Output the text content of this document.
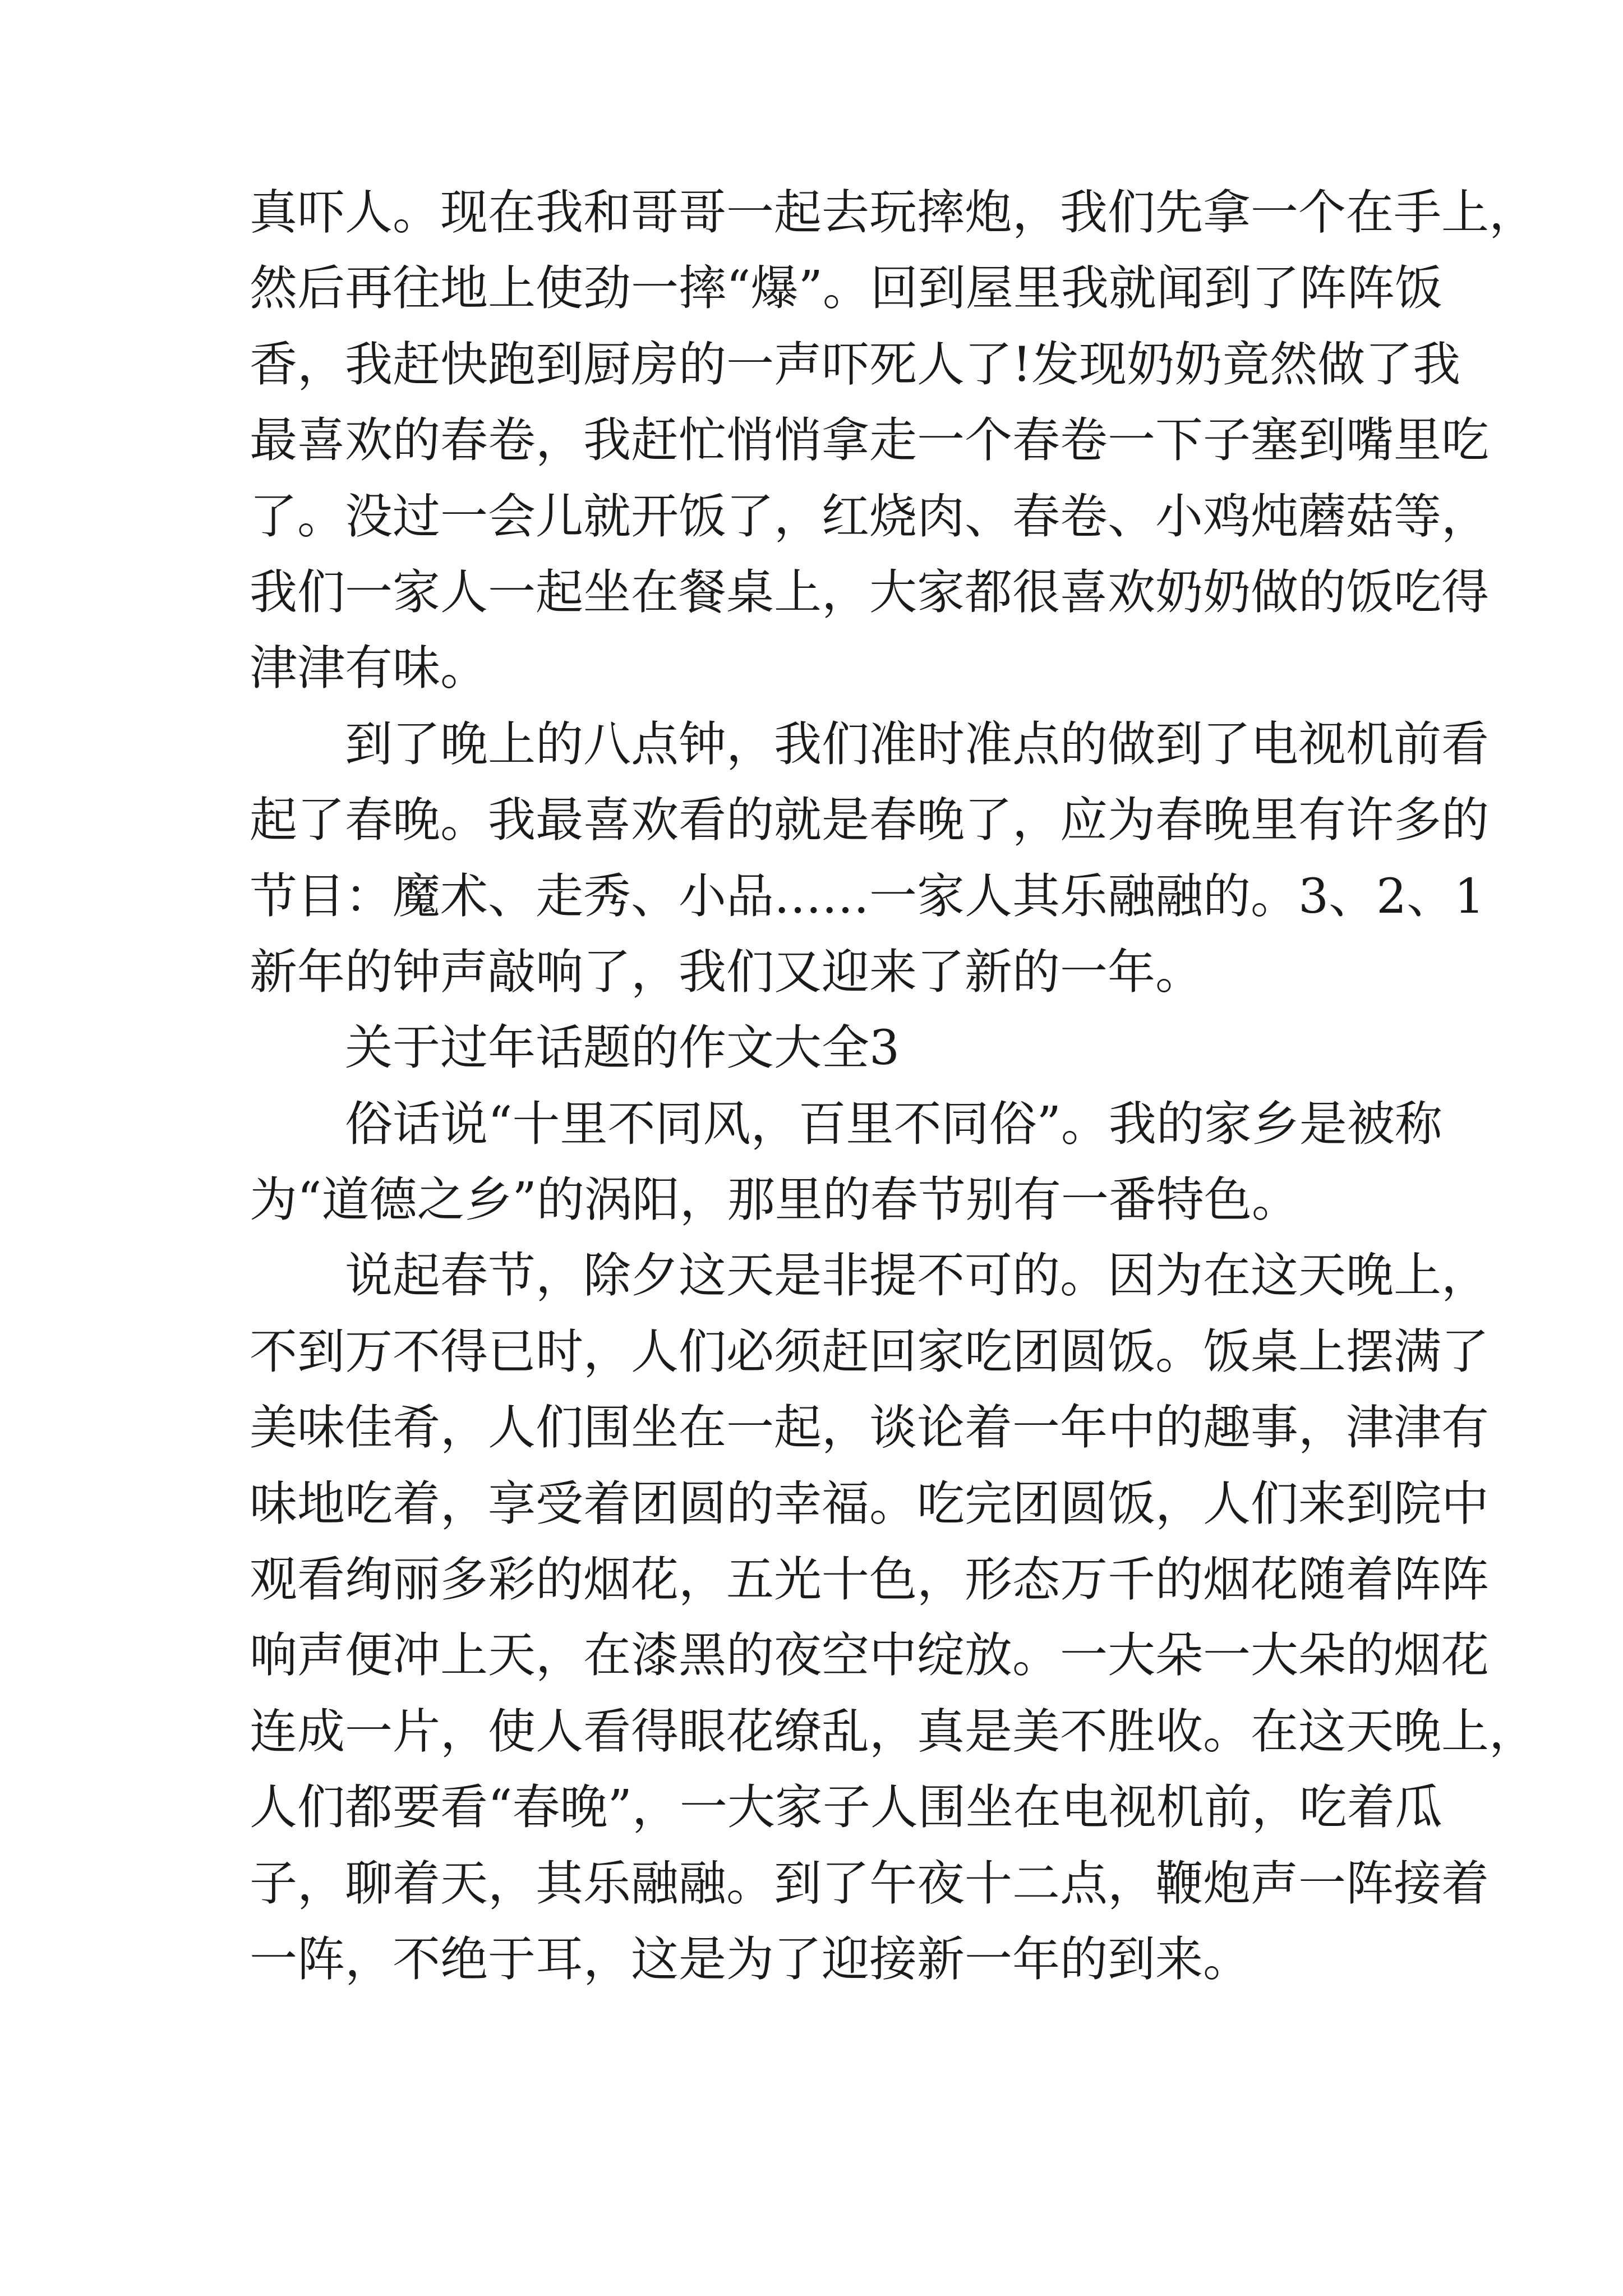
真吓人。现在我和哥哥一起去玩摔炮，我们先拿一个在手上，
然后再往地上使劲一摔“爆”。回到屋里我就闻到了阵阵饭
香，我赶快跑到厨房的一声吓死人了!发现奶奶竟然做了我
最喜欢的春卷，我赶忙悄悄拿走一个春卷一下子塞到嘴里吃
了。没过一会儿就开饭了，红烧肉、春卷、小鸡炖蘑菇等，
我们一家人一起坐在餐桌上，大家都很喜欢奶奶做的饭吃得
津津有味。
到了晚上的八点钟，我们准时准点的做到了电视机前看
起了春晚。我最喜欢看的就是春晚了，应为春晚里有许多的
节目：魔术、走秀、小品……一家人其乐融融的。3、2、1
新年的钟声敲响了，我们又迎来了新的一年。
关于过年话题的作文大全3
俗话说“十里不同风，百里不同俗”。我的家乡是被称
为“道德之乡”的涡阳，那里的春节别有一番特色。
说起春节，除夕这天是非提不可的。因为在这天晚上，
不到万不得已时，人们必须赶回家吃团圆饭。饭桌上摆满了
美味佳肴，人们围坐在一起，谈论着一年中的趣事，津津有
味地吃着，享受着团圆的幸福。吃完团圆饭，人们来到院中
观看绚丽多彩的烟花，五光十色，形态万千的烟花随着阵阵
响声便冲上天，在漆黑的夜空中绽放。一大朵一大朵的烟花
连成一片，使人看得眼花缭乱，真是美不胜收。在这天晚上，
人们都要看“春晚”，一大家子人围坐在电视机前，吃着瓜
子，聊着天，其乐融融。到了午夜十二点，鞭炮声一阵接着
一阵，不绝于耳，这是为了迎接新一年的到来。
